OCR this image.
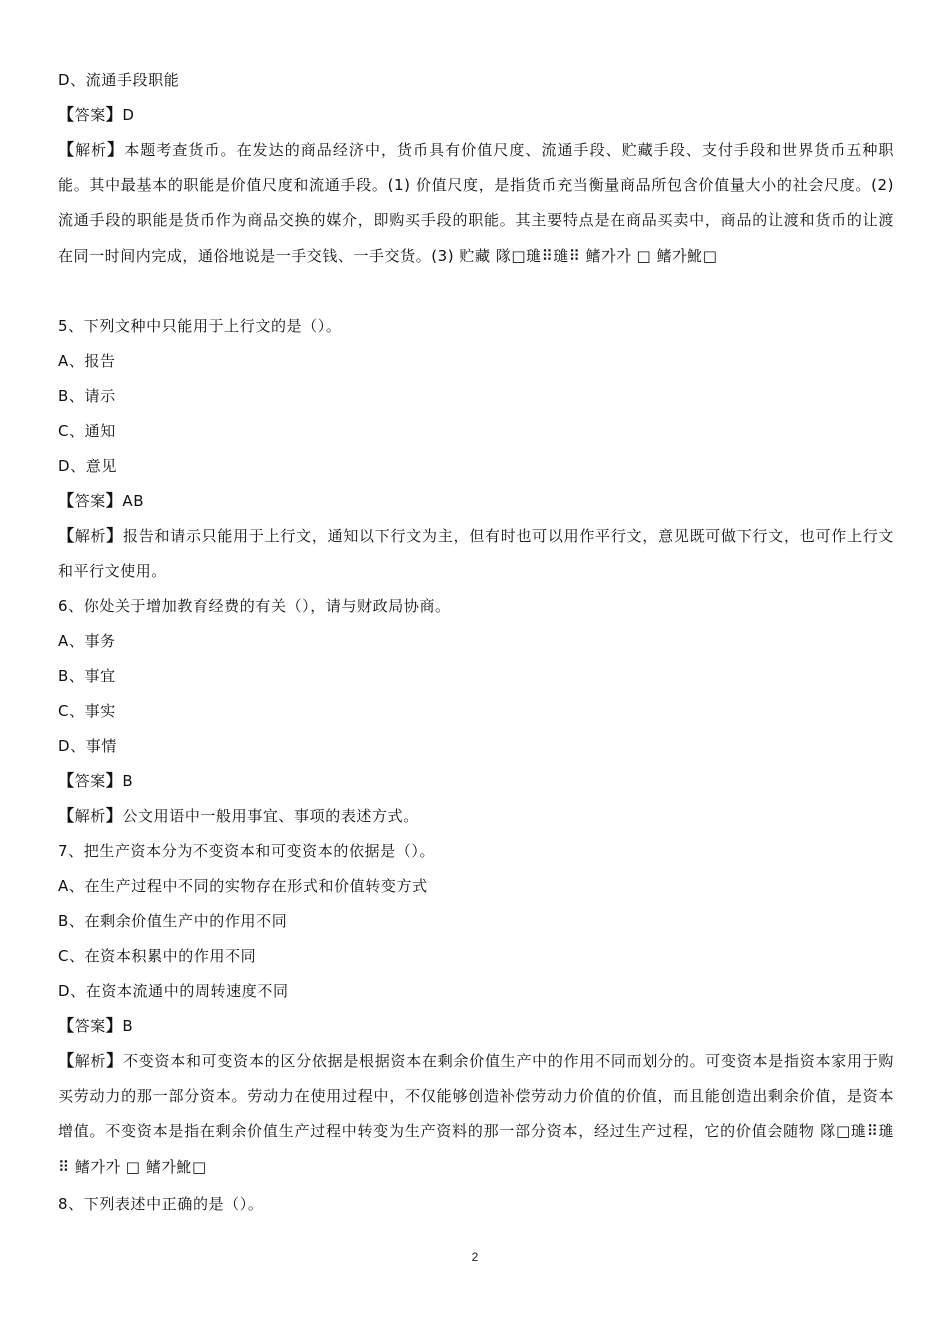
D、流通手段职能
【答案】D
【解析】本题考查货币。在发达的商品经济中，货币具有价值尺度、流通手段、贮藏手段、支付手段和世界货币五种职能。其中最基本的职能是价值尺度和流通手段。(1) 价值尺度，是指货币充当衡量商品所包含价值量大小的社会尺度。(2) 流通手段的职能是货币作为商品交换的媒介，即购买手段的职能。其主要特点是在商品买卖中，商品的让渡和货币的让渡在同一时间内完成，通俗地说是一手交钱、一手交货。(3) 贮藏 隊□璡⠿璡⠿ 鳍가가 □ 鳍가魤□
5、下列文种中只能用于上行文的是（）。
A、报告
B、请示
C、通知
D、意见
【答案】AB
【解析】报告和请示只能用于上行文，通知以下行文为主，但有时也可以用作平行文，意见既可做下行文，也可作上行文和平行文使用。
6、你处关于增加教育经费的有关（），请与财政局协商。
A、事务
B、事宜
C、事实
D、事情
【答案】B
【解析】公文用语中一般用事宜、事项的表述方式。
7、把生产资本分为不变资本和可变资本的依据是（）。
A、在生产过程中不同的实物存在形式和价值转变方式
B、在剩余价值生产中的作用不同
C、在资本积累中的作用不同
D、在资本流通中的周转速度不同
【答案】B
【解析】不变资本和可变资本的区分依据是根据资本在剩余价值生产中的作用不同而划分的。可变资本是指资本家用于购买劳动力的那一部分资本。劳动力在使用过程中，不仅能够创造补偿劳动力价值的价值，而且能创造出剩余价值，是资本增值。不变资本是指在剩余价值生产过程中转变为生产资料的那一部分资本，经过生产过程，它的价值会随物 隊□璡⠿璡⠿ 鳍가가 □ 鳍가魤□
8、下列表述中正确的是（）。
2
